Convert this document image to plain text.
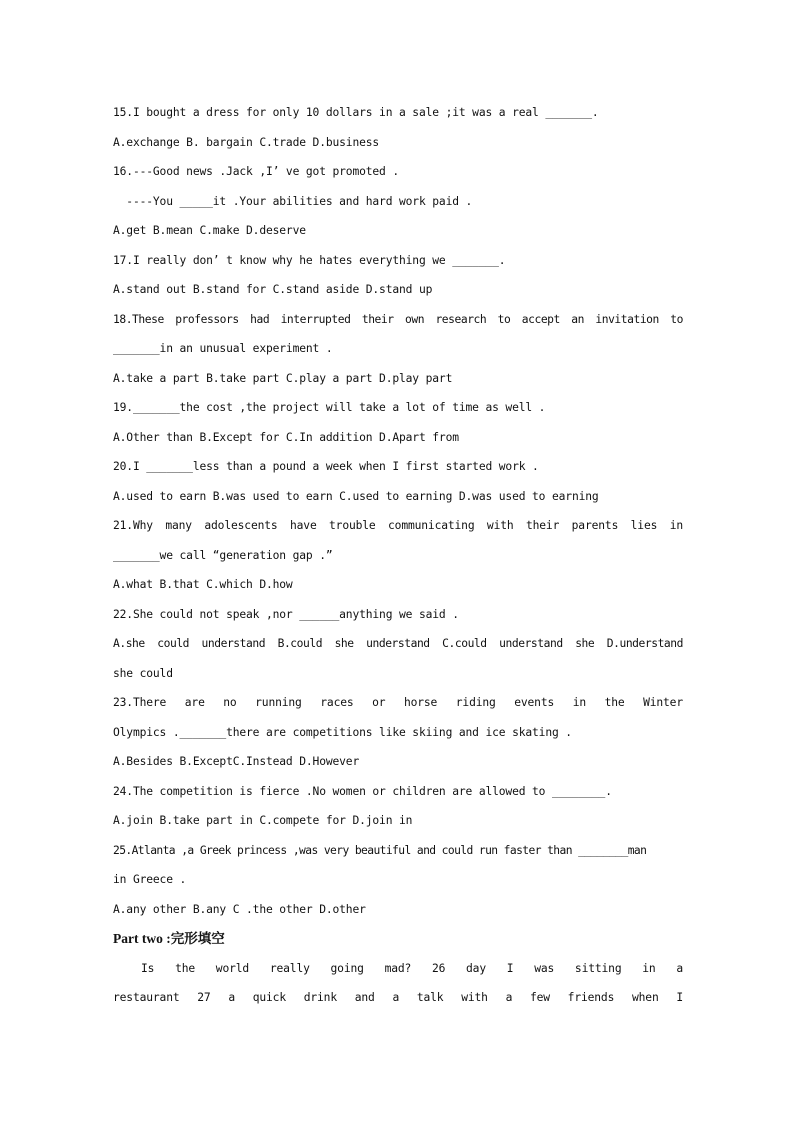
15.I bought a dress for only 10 dollars in a sale ;it was a real _______.
A.exchange B. bargain C.trade D.business
16.---Good news .Jack ,I’ ve got promoted .
----You _____it .Your abilities and hard work paid .
A.get B.mean C.make D.deserve
17.I really don’ t know why he hates everything we _______.
A.stand out B.stand for C.stand aside D.stand up
18.These professors had interrupted their own research to accept an invitation to
_______in an unusual experiment .
A.take a part B.take part C.play a part D.play part
19._______the cost ,the project will take a lot of time as well .
A.Other than B.Except for C.In addition D.Apart from
20.I _______less than a pound a week when I first started work .
A.used to earn B.was used to earn C.used to earning D.was used to earning
21.Why many adolescents have trouble communicating with their parents lies in
_______we call “generation gap .”
A.what B.that C.which D.how
22.She could not speak ,nor ______anything we said .
A.she could understand B.could she understand C.could understand she D.understand
she could
23.There are no running races or horse riding events in the Winter
Olympics ._______there are competitions like skiing and ice skating .
A.Besides B.ExceptC.Instead D.However
24.The competition is fierce .No women or children are allowed to ________.
A.join B.take part in C.compete for D.join in
25.Atlanta ,a Greek princess ,was very beautiful and could run faster than ________man
in Greece .
A.any other B.any C .the other D.other
Part two :完形填空
Is the world really going mad? 26 day I was sitting in a
restaurant 27 a quick drink and a talk with a few friends when I
